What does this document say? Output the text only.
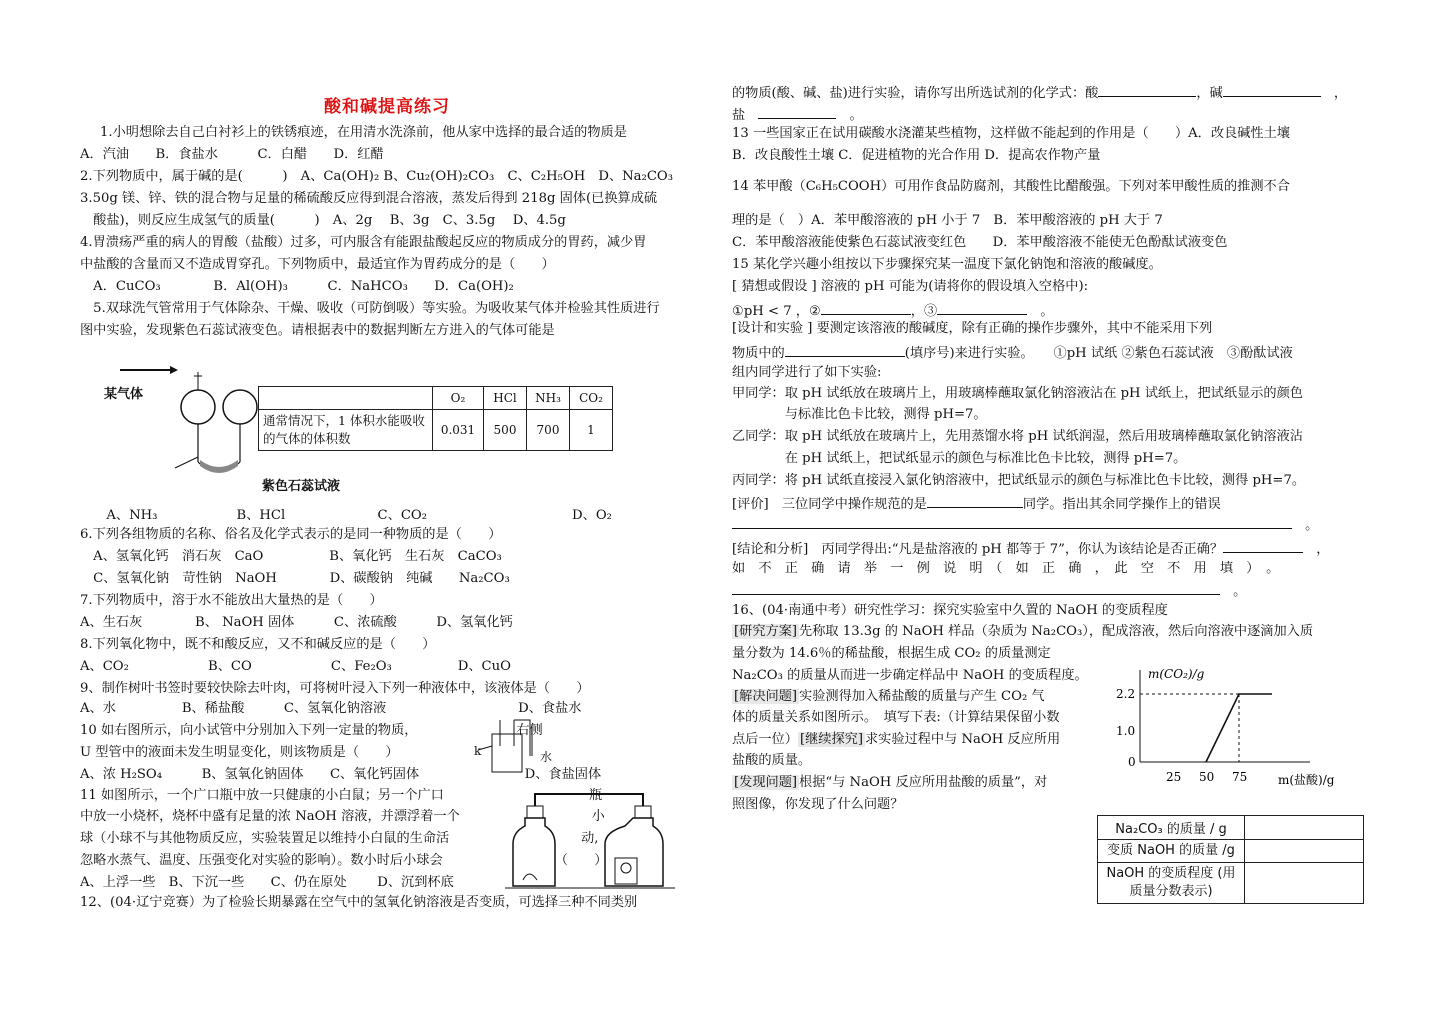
酸和碱提高练习
1.小明想除去自己白衬衫上的铁锈痕迹，在用清水洗涤前，他从家中选择的最合适的物质是
A．汽油　　B．食盐水　　　C．白醋　　D．红醋
2.下列物质中，属于碱的是(　　　)　A、Ca(OH)₂ B、Cu₂(OH)₂CO₃　C、C₂H₅OH　D、Na₂CO₃
3.50g 镁、锌、铁的混合物与足量的稀硫酸反应得到混合溶液，蒸发后得到 218g 固体(已换算成硫
　酸盐)，则反应生成氢气的质量(　　　)　A、2g　 B、3g　C、3.5g　 D、4.5g
4.胃溃疡严重的病人的胃酸（盐酸）过多，可内服含有能跟盐酸起反应的物质成分的胃药，减少胃
中盐酸的含量而又不造成胃穿孔。下列物质中，最适宜作为胃药成分的是（　　）
　A．CuCO₃　　　　B．Al(OH)₃　　　C．NaHCO₃　　D．Ca(OH)₂
　5.双球洗气管常用于气体除杂、干燥、吸收（可防倒吸）等实验。为吸收某气体并检验其性质进行
图中实验，发现紫色石蕊试液变色。请根据表中的数据判断左方进入的气体可能是
某气体
紫色石蕊试液
	O₂	HCl	NH₃	CO₂
通常情况下，1 体积水能吸收的气体的体积数	0.031	500	700	1
　　A、NH₃　　　　　　B、HCl　　　　　　　C、CO₂　　　　　　　　　　　D、O₂
6.下列各组物质的名称、俗名及化学式表示的是同一种物质的是（　　）
　A、氢氧化钙　消石灰　CaO　　　　　B、氧化钙　生石灰　CaCO₃
　C、氢氧化钠　苛性钠　NaOH　　　　D、碳酸钠　纯碱　　Na₂CO₃
7.下列物质中，溶于水不能放出大量热的是（　　）
A、生石灰　　　　B、 NaOH 固体　　　C、浓硫酸　　　D、氢氧化钙
8.下列氧化物中，既不和酸反应，又不和碱反应的是（　　）
A、CO₂　　　　　　B、CO　　　　　　C、Fe₂O₃　　　　　D、CuO
9、制作树叶书签时要较快除去叶肉，可将树叶浸入下列一种液体中，该液体是（　　）
A、水　　　　　B、稀盐酸　　　C、氢氧化钠溶液　　　　　　　　　　D、食盐水
10 如右图所示，向小试管中分别加入下列一定量的物质，　　　　　　　　右侧
U 型管中的液面未发生明显变化，则该物质是（　　）
A、浓 H₂SO₄　　　B、氢氧化钠固体　　C、氧化钙固体　　　　　　　　D、食盐固体
k	水
11 如图所示，一个广口瓶中放一只健康的小白鼠；另一个广口　　　　　　　　　　　瓶
中放一小烧杯，烧杯中盛有足量的浓 NaOH 溶液，并漂浮着一个　　　　　　　　　　小
球（小球不与其他物质反应，实验装置足以维持小白鼠的生命活　　　　　　　　　　动,
忽略水蒸气、温度、压强变化对实验的影响）。数小时后小球会　　　　　　　　　（　　）
A、上浮一些　B、下沉一些　　C、仍在原处　　 D、沉到杯底
12、(04·辽宁竞赛）为了检验长期暴露在空气中的氢氧化钠溶液是否变质，可选择三种不同类别
的物质(酸、碱、盐)进行实验，请你写出所选试剂的化学式：酸	，碱	　，
盐　	　。
13 一些国家正在试用碳酸水浇灌某些植物，这样做不能起到的作用是（　　）A．改良碱性土壤
B．改良酸性土壤 C．促进植物的光合作用 D．提高农作物产量
14 苯甲酸（C₆H₅COOH）可用作食品防腐剂，其酸性比醋酸强。下列对苯甲酸性质的推测不合
理的是（　）A．苯甲酸溶液的 pH 小于 7　B．苯甲酸溶液的 pH 大于 7
C．苯甲酸溶液能使紫色石蕊试液变红色　　D．苯甲酸溶液不能使无色酚酞试液变色
15 某化学兴趣小组按以下步骤探究某一温度下氯化钠饱和溶液的酸碱度。
[ 猜想或假设 ] 溶液的 pH 可能为(请将你的假设填入空格中):
①pH < 7 ，②	，③	　。
[设计和实验 ] 要测定该溶液的酸碱度，除有正确的操作步骤外，其中不能采用下列
物质中的	(填序号)来进行实验。　　①pH 试纸 ②紫色石蕊试液　③酚酞试液
组内同学进行了如下实验:
甲同学：取 pH 试纸放在玻璃片上，用玻璃棒蘸取氯化钠溶液沾在 pH 试纸上，把试纸显示的颜色
　　　　与标准比色卡比较，测得 pH=7。
乙同学：取 pH 试纸放在玻璃片上，先用蒸馏水将 pH 试纸润湿，然后用玻璃棒蘸取氯化钠溶液沾
　　　　在 pH 试纸上，把试纸显示的颜色与标准比色卡比较，测得 pH=7。
丙同学：将 pH 试纸直接浸入氯化钠溶液中，把试纸显示的颜色与标准比色卡比较，测得 pH=7。
[评价]　三位同学中操作规范的是	同学。指出其余同学操作上的错误
　。
[结论和分析]　丙同学得出:“凡是盐溶液的 pH 都等于 7”，你认为该结论是否正确？	　，
如　不　正　确　请　举　一　例　说　明　（　如　正　确　，　此　空　不　用　填　）　。
　。
16、(04·南通中考）研究性学习：探究实验室中久置的 NaOH 的变质程度
[研究方案] 先称取 13.3g 的 NaOH 样品（杂质为 Na₂CO₃），配成溶液，然后向溶液中逐滴加入质
量分数为 14.6％的稀盐酸，根据生成 CO₂ 的质量测定
Na₂CO₃ 的质量从而进一步确定样品中 NaOH 的变质程度。
[解决问题] 实验测得加入稀盐酸的质量与产生 CO₂ 气
体的质量关系如图所示。　填写下表:（计算结果保留小数
点后一位） [继续探究] 求实验过程中与 NaOH 反应所用
盐酸的质量。
[发现问题] 根据“与 NaOH 反应所用盐酸的质量”，对
照图像，你发现了什么问题？
m(CO₂)/g
m(盐酸)/g
25 50 75
0
1.0
2.2
Na₂CO₃ 的质量 / g	
变质 NaOH 的质量 /g	
NaOH 的变质程度 (用质量分数表示)	
